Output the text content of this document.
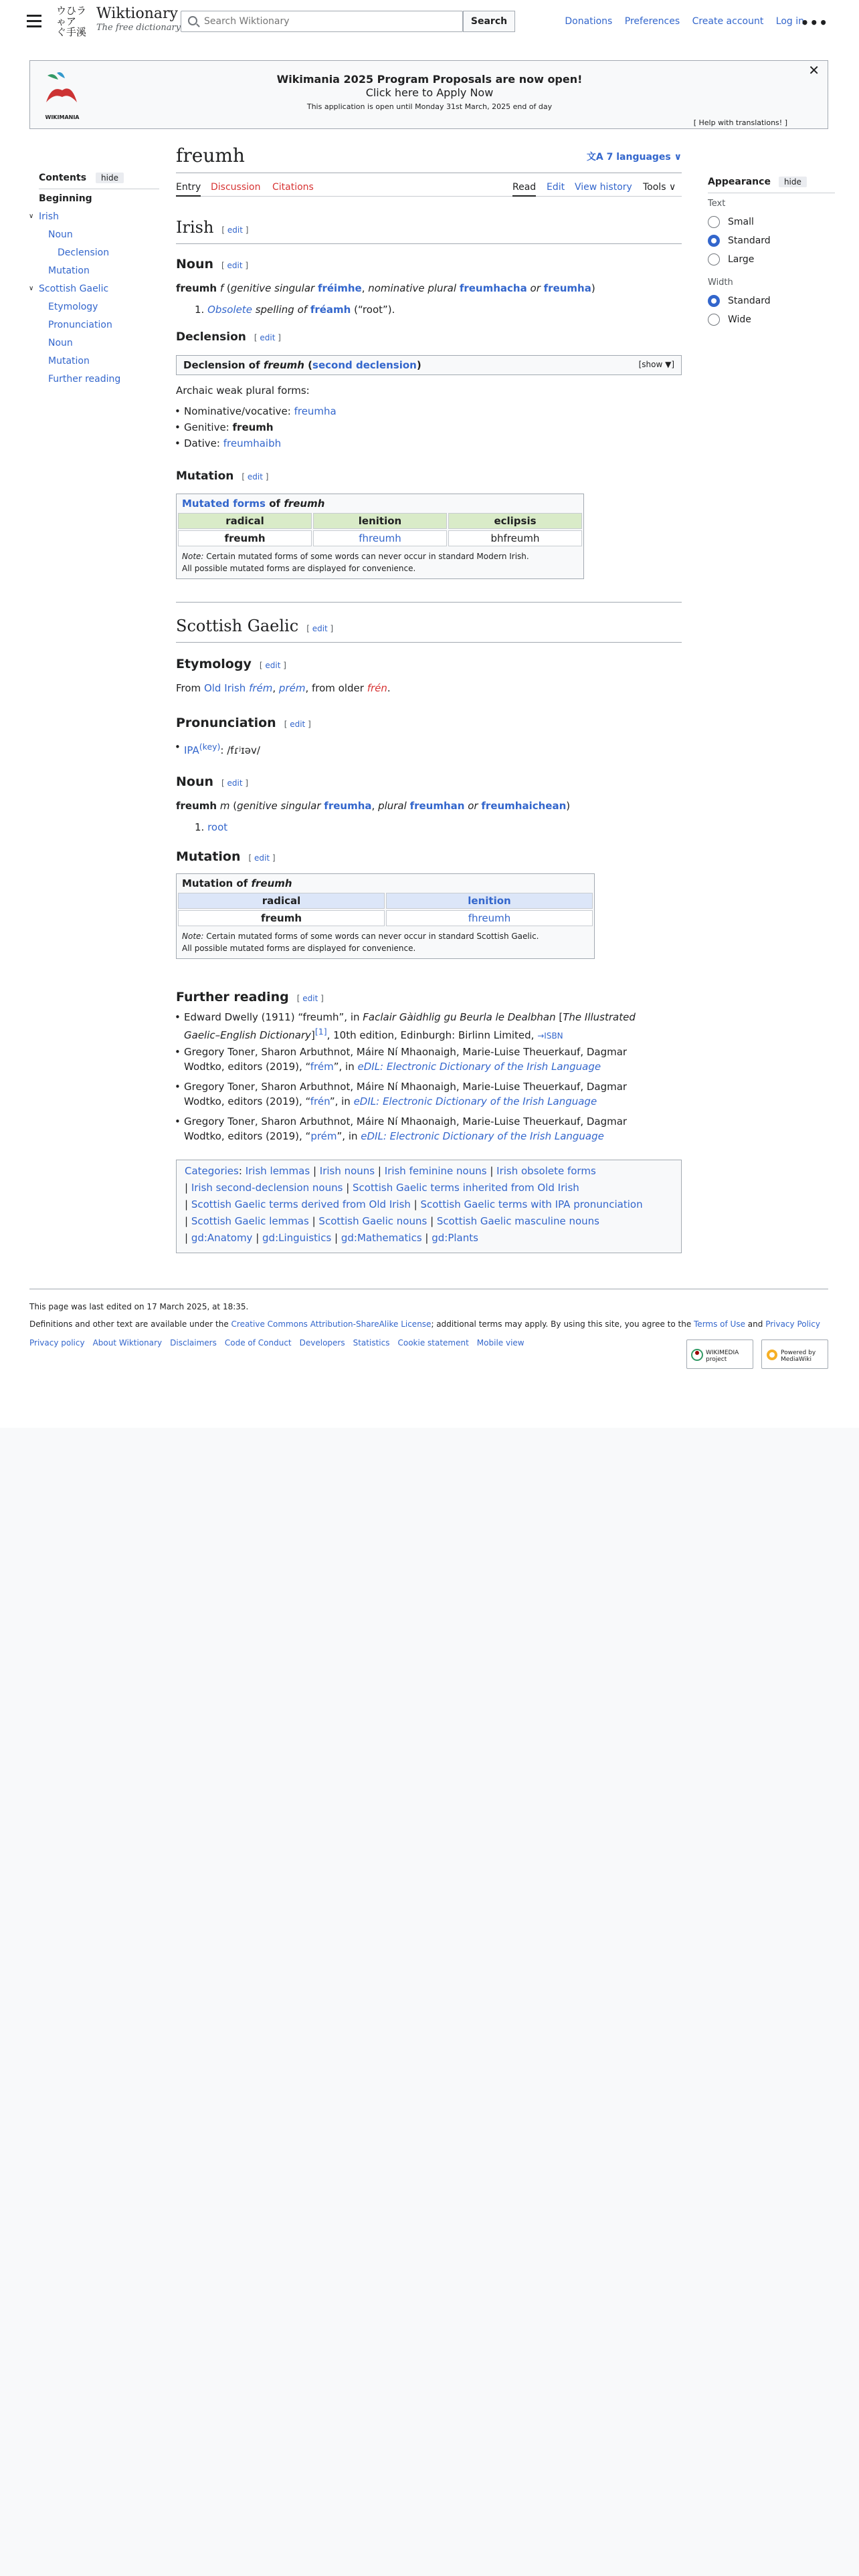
ウひラ
ゃア
ぐ手溪
Wiktionary
The free dictionary
Search Wiktionary
Search	Donations Preferences Create account Log in
•••
WIKIMANIA
Wikimania 2025 Program Proposals are now open!
Click here to Apply Now
This application is open until Monday 31st March, 2025 end of day
[ Help with translations! ]
✕
Contents hide
Beginning
∨ Irish
Noun
Declension
Mutation
∨ Scottish Gaelic
Etymology
Pronunciation
Noun
Mutation
Further reading
freumh	文A 7 languages ∨
Entry Discussion Citations	Read Edit View history Tools ∨
Irish [ edit ]
Noun [ edit ]
freumh f (genitive singular fréimhe, nominative plural freumhacha or freumha)
1. Obsolete spelling of fréamh (“root”).
Declension [ edit ]
Declension of freumh (second declension)	[show ▼]
Archaic weak plural forms:
• Nominative/vocative: freumha
• Genitive: freumh
• Dative: freumhaibh
Mutation [ edit ]
Mutated forms of freumh		
radical	lenition	eclipsis
freumh	fhreumh	bhfreumh
Note: Certain mutated forms of some words can never occur in standard Modern Irish.
All possible mutated forms are displayed for convenience.		
Scottish Gaelic [ edit ]
Etymology [ edit ]
From Old Irish frém, prém, from older frén.
Pronunciation [ edit ]
• $IPA^{(key)}$: /fɾʲɪəv/
Noun [ edit ]
freumh m (genitive singular freumha, plural freumhan or freumhaichean)
1. root
Mutation [ edit ]
Mutation of freumh	
radical	lenition
freumh	fhreumh
Note: Certain mutated forms of some words can never occur in standard Scottish Gaelic.
All possible mutated forms are displayed for convenience.	
Further reading [ edit ]
• Edward Dwelly (1911) “freumh”, in Faclair Gàidhlig gu Beurla le Dealbhan [The Illustrated
Gaelic–English Dictionary][1], 10th edition, Edinburgh: Birlinn Limited, →ISBN
• Gregory Toner, Sharon Arbuthnot, Máire Ní Mhaonaigh, Marie-Luise Theuerkauf, Dagmar
Wodtko, editors (2019), “frém”, in eDIL: Electronic Dictionary of the Irish Language
• Gregory Toner, Sharon Arbuthnot, Máire Ní Mhaonaigh, Marie-Luise Theuerkauf, Dagmar
Wodtko, editors (2019), “frén”, in eDIL: Electronic Dictionary of the Irish Language
• Gregory Toner, Sharon Arbuthnot, Máire Ní Mhaonaigh, Marie-Luise Theuerkauf, Dagmar
Wodtko, editors (2019), “prém”, in eDIL: Electronic Dictionary of the Irish Language
Categories: Irish lemmas | Irish nouns | Irish feminine nouns | Irish obsolete forms
| Irish second-declension nouns | Scottish Gaelic terms inherited from Old Irish
| Scottish Gaelic terms derived from Old Irish | Scottish Gaelic terms with IPA pronunciation
| Scottish Gaelic lemmas | Scottish Gaelic nouns | Scottish Gaelic masculine nouns
| gd:Anatomy | gd:Linguistics | gd:Mathematics | gd:Plants
Appearance hide
Text
Small
Standard
Large
Width
Standard
Wide
This page was last edited on 17 March 2025, at 18:35.
Definitions and other text are available under the Creative Commons Attribution-ShareAlike License; additional terms may apply. By using this site, you agree to the Terms of Use and Privacy Policy
Privacy policy About Wiktionary Disclaimers Code of Conduct Developers Statistics Cookie statement Mobile view
WIKIMEDIA project
Powered by MediaWiki
